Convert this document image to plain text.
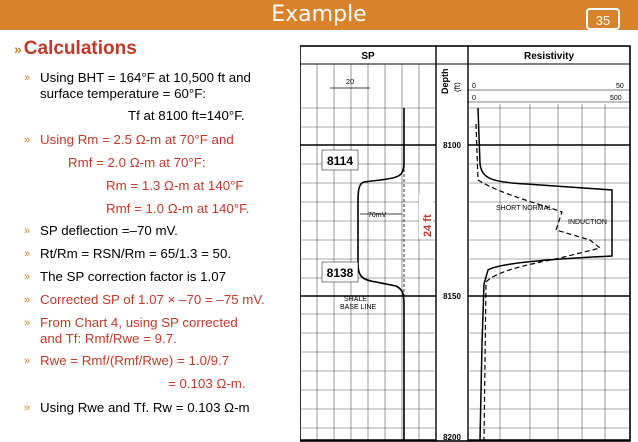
Example	35
» Calculations
»
»
»
»
»
»
»
»
»
Using BHT = 164°F at 10,500 ft and
surface temperature = 60°F:
Tf at 8100 ft=140°F.
Using Rm = 2.5 Ω-m at 70°F and
Rmf = 2.0 Ω-m at 70°F:
Rm = 1.3 Ω-m at 140°F
Rmf = 1.0 Ω-m at 140°F.
SP deflection =–70 mV.
Rt/Rm = RSN/Rm = 65/1.3 = 50.
The SP correction factor is 1.07
Corrected SP of 1.07 × –70 = –75 mV.
From Chart 4, using SP corrected
and Tf: Rmf/Rwe = 9.7.
Rwe = Rmf/(Rmf/Rwe) = 1.0/9.7
= 0.103 Ω-m.
Using Rwe and Tf. Rw = 0.103 Ω-m
SP	Resistivity
Depth (ft)
20
0	50
0	500
8100
8150
8200
8114
8138
24 ft
70mV
SHORT NORMAL
INDUCTION
SHALE
BASE LINE
